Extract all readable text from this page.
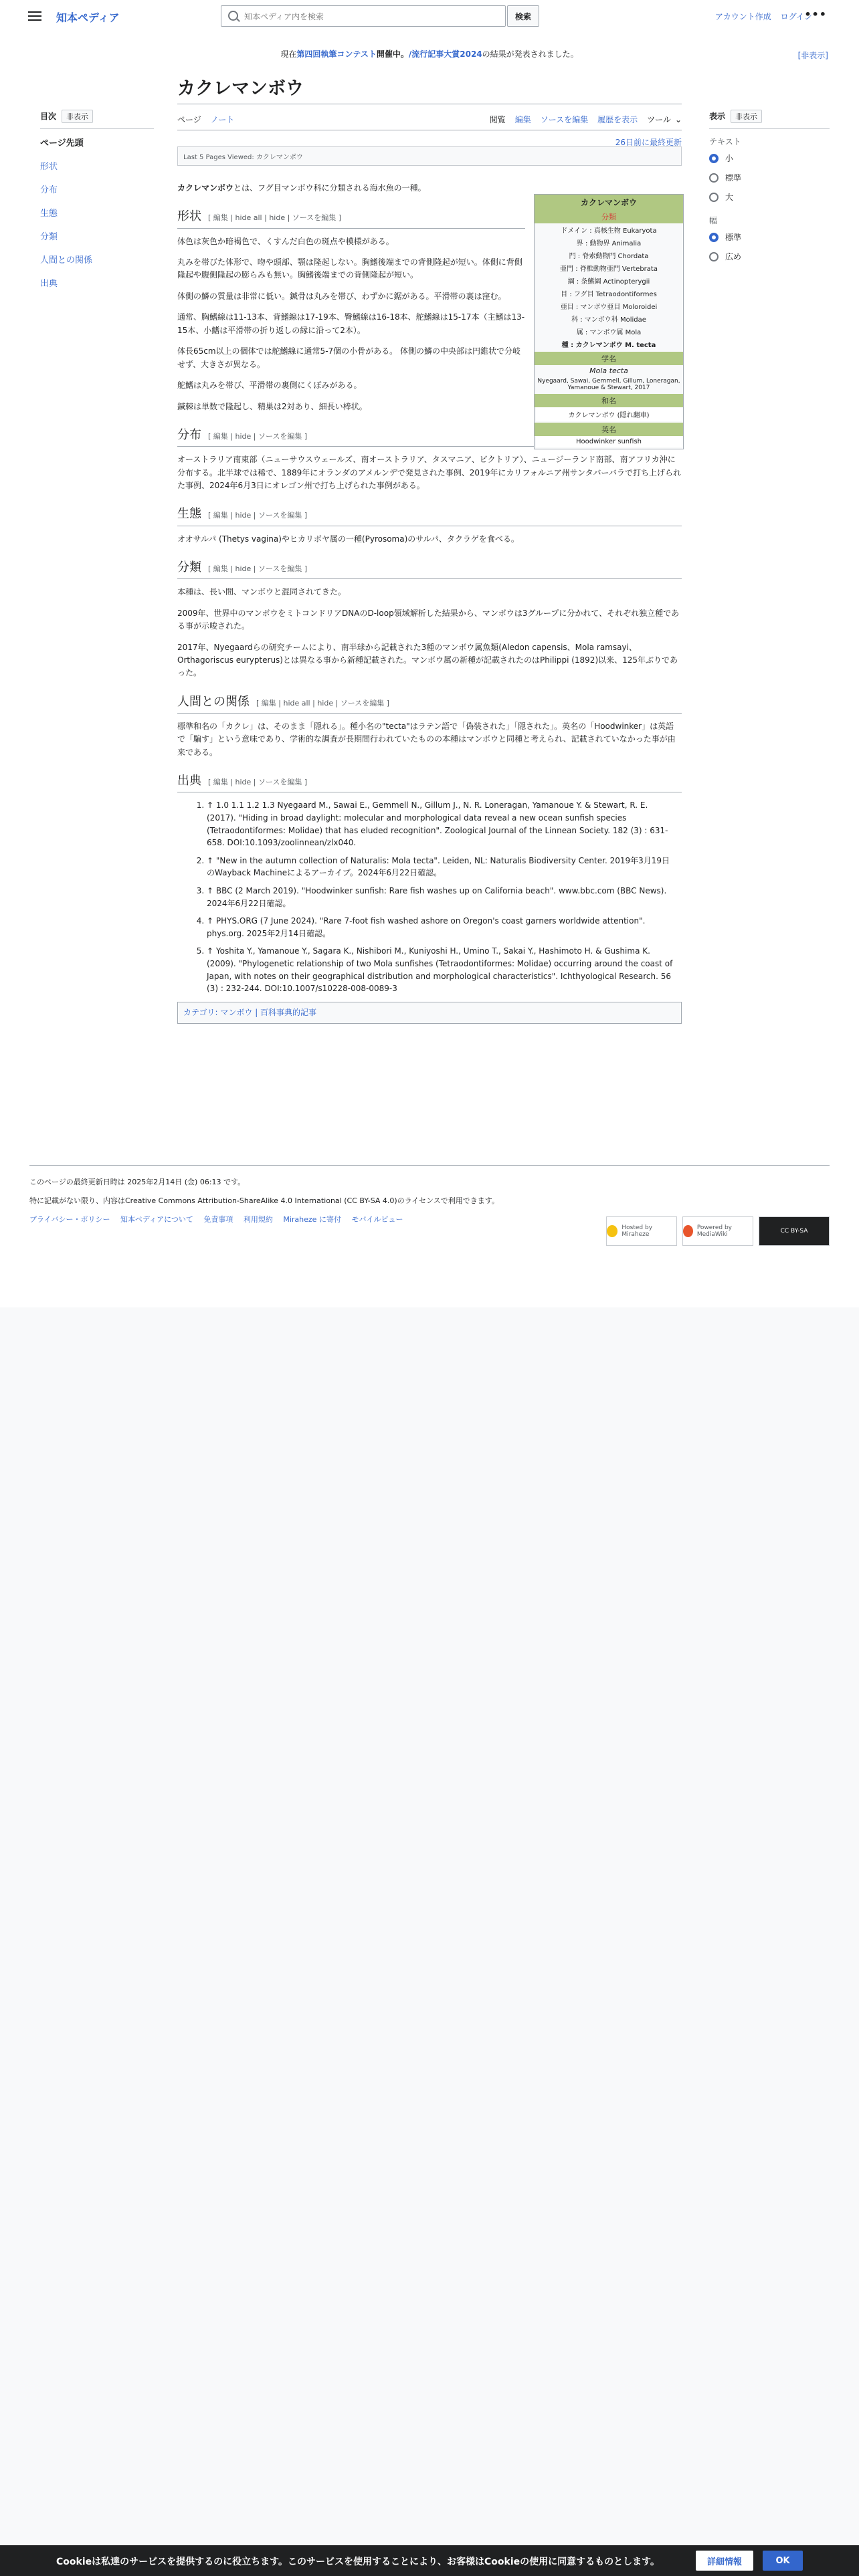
知本ペディア
知本ペディア内を検索	検索	アカウント作成 ログイン
•••
現在第四回執筆コンテスト開催中。/流行記事大賞2024の結果が発表されました。	[非表示]
目次 非表示
ページ先頭
形状
分布
生態
分類
人間との関係
出典
表示 非表示
テキスト
小
標準
大
幅
標準
広め
カクレマンボウ
ページ ノート	閲覧 編集 ソースを編集 履歴を表示 ツール ⌄
26日前に最終更新
Last 5 Pages Viewed: カクレマンボウ
カクレマンボウとは、フグ目マンボウ科に分類される海水魚の一種。
形状 [ 編集 | hide all | hide | ソースを編集 ]

体色は灰色か暗褐色で、くすんだ白色の斑点や模様がある。

丸みを帯びた体形で、吻や頭部、顎は隆起しない。胸鰭後端までの背側隆起が短い。体側に背側隆起や腹側隆起の膨らみも無い。胸鰭後端までの背側隆起が短い。

体側の鱗の質量は非常に低い。鍼骨は丸みを帯び、わずかに鋸がある。平滑帯の裏は窪む。

通常、胸鰭線は11-13本、背鰭線は17-19本、臀鰭線は16-18本、舵鰭線は15-17本（主鰭は13-15本、小鰭は平滑帯の折り返しの縁に沿って2本）。

体長65cm以上の個体では舵鰭線に通常5-7個の小骨がある。 体側の鱗の中央部は円錐状で分岐せず、大きさが異なる。

舵鰭は丸みを帯び、平滑帯の裏側にくぼみがある。

鍼棘は単数で隆起し、精巣は2対あり、細長い棒状。

分布 [ 編集 | hide | ソースを編集 ]

オーストラリア南東部（ニューサウスウェールズ、南オーストラリア、タスマニア、ビクトリア）、ニュージーランド南部、南アフリカ沖に分布する。北半球では稀で、1889年にオランダのアメルンデで発見された事例、2019年にカリフォルニア州サンタバーバラで打ち上げられた事例、2024年6月3日にオレゴン州で打ち上げられた事例がある。

生態 [ 編集 | hide | ソースを編集 ]

オオサルパ (Thetys vagina)やヒカリボヤ属の一種(Pyrosoma)のサルパ、タクラゲを食べる。

分類 [ 編集 | hide | ソースを編集 ]

本種は、長い間、マンボウと混同されてきた。

2009年、世界中のマンボウをミトコンドリアDNAのD-loop領域解析した結果から、マンボウは3グループに分かれて、それぞれ独立種である事が示唆された。

2017年、Nyegaardらの研究チームにより、南半球から記載された3種のマンボウ属魚類(Aledon capensis、Mola ramsayi、Orthagoriscus eurypterus)とは異なる事から新種記載された。マンボウ属の新種が記載されたのはPhilippi (1892)以来、125年ぶりであった。

人間との関係 [ 編集 | hide all | hide | ソースを編集 ]

標準和名の「カクレ」は、そのまま「隠れる」。種小名の"tecta"はラテン語で「偽装された」「隠された」。英名の「Hoodwinker」は英語で「騙す」という意味であり、学術的な調査が長期間行われていたものの本種はマンボウと同種と考えられ、記載されていなかった事が由来である。

出典 [ 編集 | hide | ソースを編集 ]
1. ↑ 1.0 1.1 1.2 1.3 Nyegaard M., Sawai E., Gemmell N., Gillum J., N. R. Loneragan, Yamanoue Y. & Stewart, R. E. (2017). "Hiding in broad daylight: molecular and morphological data reveal a new ocean sunfish species (Tetraodontiformes: Molidae) that has eluded recognition". Zoological Journal of the Linnean Society. 182 (3) : 631-658. DOI:10.1093/zoolinnean/zlx040.
2. ↑ "New in the autumn collection of Naturalis: Mola tecta". Leiden, NL: Naturalis Biodiversity Center. 2019年3月19日のWayback Machineによるアーカイブ。2024年6月22日確認。
3. ↑ BBC (2 March 2019). "Hoodwinker sunfish: Rare fish washes up on California beach". www.bbc.com (BBC News). 2024年6月22日確認。
4. ↑ PHYS.ORG (7 June 2024). "Rare 7-foot fish washed ashore on Oregon's coast garners worldwide attention". phys.org. 2025年2月14日確認。
5. ↑ Yoshita Y., Yamanoue Y., Sagara K., Nishibori M., Kuniyoshi H., Umino T., Sakai Y., Hashimoto H. & Gushima K. (2009). "Phylogenetic relationship of two Mola sunfishes (Tetraodontiformes: Molidae) occurring around the coast of Japan, with notes on their geographical distribution and morphological characteristics". Ichthyological Research. 56 (3) : 232-244. DOI:10.1007/s10228-008-0089-3
カテゴリ: マンボウ | 百科事典的記事
カクレマンボウ
分類
ドメイン : 真核生物 Eukaryota
界 : 動物界 Animalia
門 : 脊索動物門 Chordata
亜門 : 脊椎動物亜門 Vertebrata
綱 : 条鰭綱 Actinopterygii
目 : フグ目 Tetraodontiformes
亜目 : マンボウ亜目 Moloroidei
科 : マンボウ科 Molidae
属 : マンボウ属 Mola
種 : カクレマンボウ M. tecta
学名
Mola tecta
Nyegaard, Sawai, Gemmell, Gillum, Loneragan, Yamanoue & Stewart, 2017
和名
カクレマンボウ (隠れ翻車)
英名
Hoodwinker sunfish

このページの最終更新日時は 2025年2月14日 (金) 06:13 です。

特に記載がない限り、内容はCreative Commons Attribution-ShareAlike 4.0 International (CC BY-SA 4.0)のライセンスで利用できます。

プライバシー・ポリシー 知本ペディアについて 免責事項 利用規約 Miraheze に寄付 モバイルビュー
Hosted by Miraheze
Powered by MediaWiki	CC BY-SA
Cookieは私達のサービスを提供するのに役立ちます。このサービスを使用することにより、お客様はCookieの使用に同意するものとします。	詳細情報	OK
